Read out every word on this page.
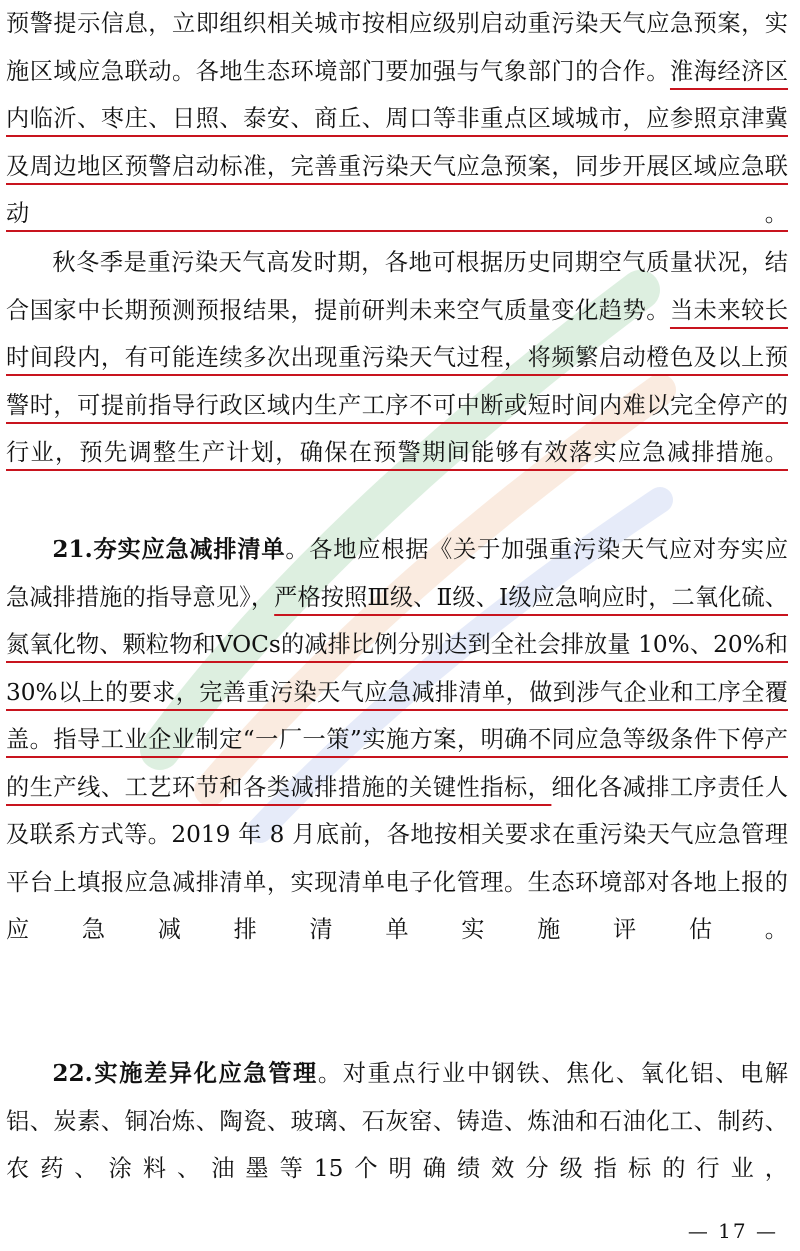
预警提示信息，立即组织相关城市按相应级别启动重污染天气应急预案，实施区域应急联动。各地生态环境部门要加强与气象部门的合作。淮海经济区内临沂、枣庄、日照、泰安、商丘、周口等非重点区域城市，应参照京津冀及周边地区预警启动标准，完善重污染天气应急预案，同步开展区域应急联动。

秋冬季是重污染天气高发时期，各地可根据历史同期空气质量状况，结合国家中长期预测预报结果，提前研判未来空气质量变化趋势。当未来较长时间段内，有可能连续多次出现重污染天气过程，将频繁启动橙色及以上预警时，可提前指导行政区域内生产工序不可中断或短时间内难以完全停产的行业，预先调整生产计划，确保在预警期间能够有效落实应急减排措施。

21.夯实应急减排清单。各地应根据《关于加强重污染天气应对夯实应急减排措施的指导意见》，严格按照Ⅲ级、Ⅱ级、Ⅰ级应急响应时，二氧化硫、氮氧化物、颗粒物和VOCs的减排比例分别达到全社会排放量 10%、20%和 30%以上的要求，完善重污染天气应急减排清单，做到涉气企业和工序全覆盖。指导工业企业制定“一厂一策”实施方案，明确不同应急等级条件下停产的生产线、工艺环节和各类减排措施的关键性指标，细化各减排工序责任人及联系方式等。2019 年 8 月底前，各地按相关要求在重污染天气应急管理平台上填报应急减排清单，实现清单电子化管理。生态环境部对各地上报的应急减排清单实施评估。

22.实施差异化应急管理。对重点行业中钢铁、焦化、氧化铝、电解铝、炭素、铜冶炼、陶瓷、玻璃、石灰窑、铸造、炼油和石油化工、制药、农药、涂料、油墨等15个明确绩效分级指标的行业，

— 17 —
